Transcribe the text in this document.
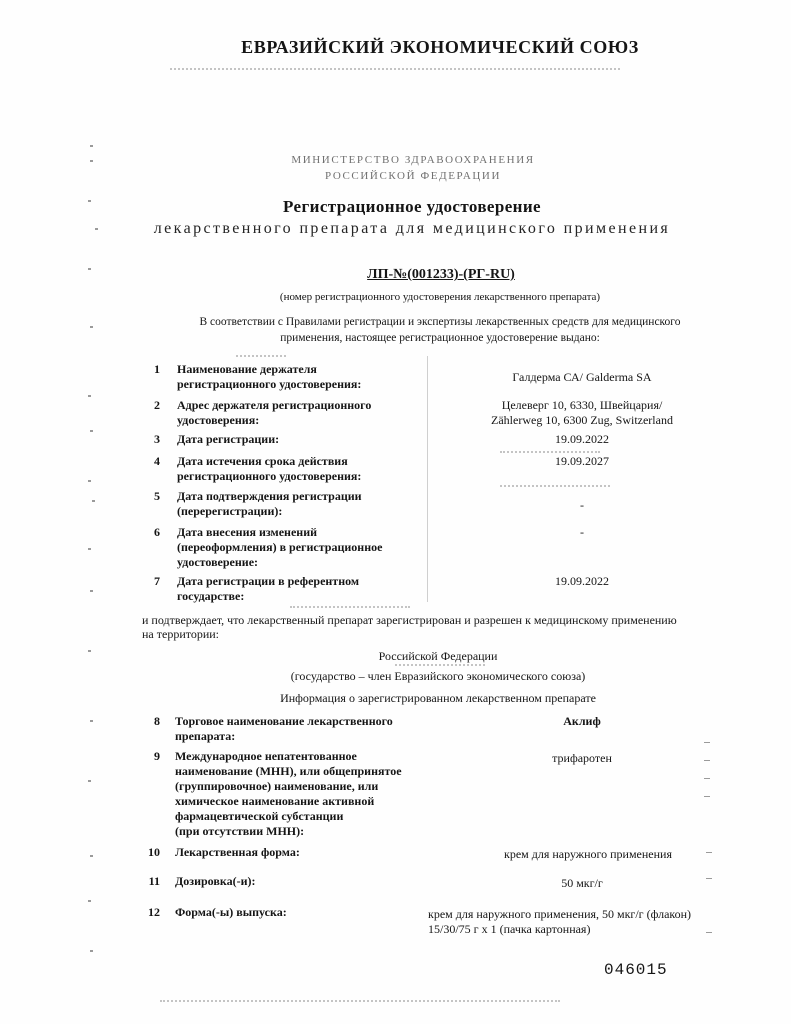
ЕВРАЗИЙСКИЙ ЭКОНОМИЧЕСКИЙ СОЮЗ
МИНИСТЕРСТВО ЗДРАВООХРАНЕНИЯ
РОССИЙСКОЙ ФЕДЕРАЦИИ
Регистрационное удостоверение
лекарственного препарата для медицинского применения
ЛП-№(001233)-(РГ-RU)
(номер регистрационного удостоверения лекарственного препарата)
В соответствии с Правилами регистрации и экспертизы лекарственных средств для медицинского
применения, настоящее регистрационное удостоверение выдано:
1 Наименование держателя
регистрационного удостоверения:	Галдерма СА/ Galderma SA
2 Адрес держателя регистрационного
удостоверения:
Целеверг 10, 6330, Швейцария/
Zählerweg 10, 6300 Zug, Switzerland
3 Дата регистрации:	19.09.2022
4 Дата истечения срока действия
регистрационного удостоверения:
19.09.2027
5 Дата подтверждения регистрации
(перерегистрации):	-
6 Дата внесения изменений
(переоформления) в регистрационное
удостоверение:
-
7 Дата регистрации в референтном
государстве:
19.09.2022
и подтверждает, что лекарственный препарат зарегистрирован и разрешен к медицинскому применению
на территории:
Российской Федерации
(государство – член Евразийского экономического союза)
Информация о зарегистрированном лекарственном препарате
8 Торговое наименование лекарственного
препарата:
Аклиф
9 Международное непатентованное
наименование (МНН), или общепринятое
(группировочное) наименование, или
химическое наименование активной
фармацевтической субстанции
(при отсутствии МНН):
трифаротен
10 Лекарственная форма:	крем для наружного применения
11 Дозировка(-и):	50 мкг/г
12 Форма(-ы) выпуска:	крем для наружного применения, 50 мкг/г (флакон)
15/30/75 г х 1 (пачка картонная)
046015
